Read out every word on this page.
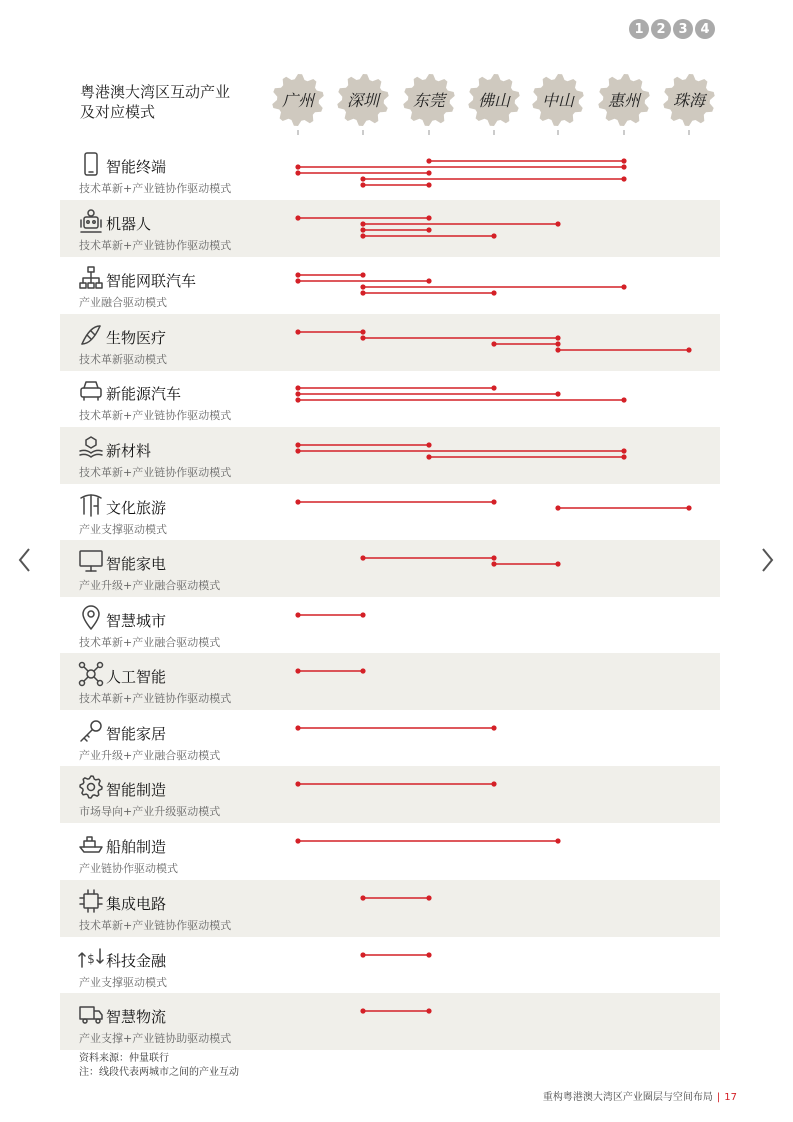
1 2 3 4
粤港澳大湾区互动产业
及对应模式
智能终端
技术革新+产业链协作驱动模式
机器人
技术革新+产业链协作驱动模式
智能网联汽车
产业融合驱动模式
生物医疗
技术革新驱动模式
新能源汽车
技术革新+产业链协作驱动模式
新材料
技术革新+产业链协作驱动模式
文化旅游
产业支撑驱动模式
智能家电
产业升级+产业融合驱动模式
智慧城市
技术革新+产业融合驱动模式
人工智能
技术革新+产业链协作驱动模式
智能家居
产业升级+产业融合驱动模式
智能制造
市场导向+产业升级驱动模式
船舶制造
产业链协作驱动模式
集成电路
技术革新+产业链协作驱动模式
$ 科技金融
产业支撑驱动模式
智慧物流
产业支撑+产业链协助驱动模式
广州 深圳 东莞 佛山 中山 惠州 珠海
资料来源：仲量联行
注：线段代表两城市之间的产业互动
重构粤港澳大湾区产业圈层与空间布局 | 17
